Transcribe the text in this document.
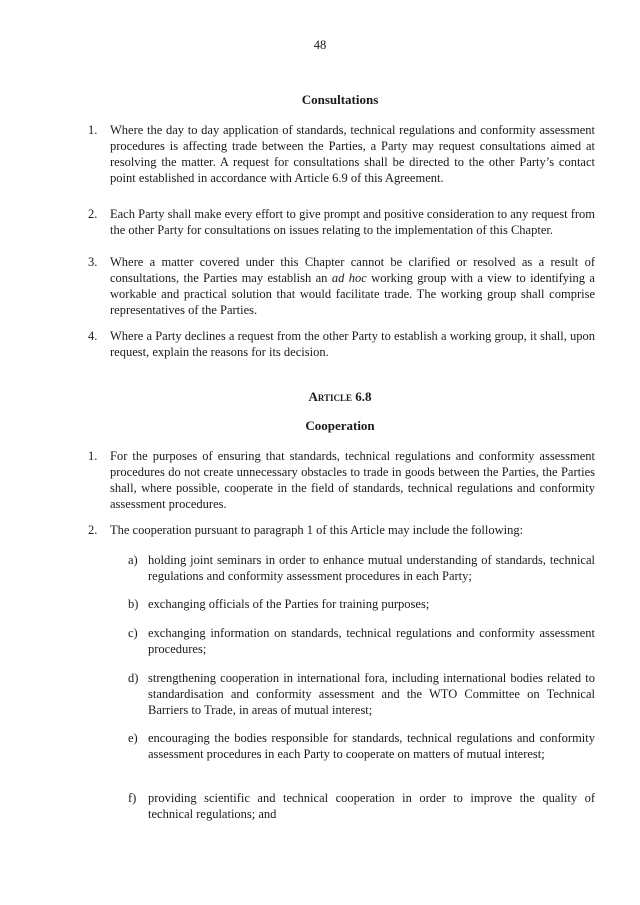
48
Consultations
1. Where the day to day application of standards, technical regulations and conformity assessment procedures is affecting trade between the Parties, a Party may request consultations aimed at resolving the matter. A request for consultations shall be directed to the other Party’s contact point established in accordance with Article 6.9 of this Agreement.
2. Each Party shall make every effort to give prompt and positive consideration to any request from the other Party for consultations on issues relating to the implementation of this Chapter.
3. Where a matter covered under this Chapter cannot be clarified or resolved as a result of consultations, the Parties may establish an ad hoc working group with a view to identifying a workable and practical solution that would facilitate trade. The working group shall comprise representatives of the Parties.
4. Where a Party declines a request from the other Party to establish a working group, it shall, upon request, explain the reasons for its decision.
Article 6.8
Cooperation
1. For the purposes of ensuring that standards, technical regulations and conformity assessment procedures do not create unnecessary obstacles to trade in goods between the Parties, the Parties shall, where possible, cooperate in the field of standards, technical regulations and conformity assessment procedures.
2. The cooperation pursuant to paragraph 1 of this Article may include the following:
a) holding joint seminars in order to enhance mutual understanding of standards, technical regulations and conformity assessment procedures in each Party;
b) exchanging officials of the Parties for training purposes;
c) exchanging information on standards, technical regulations and conformity assessment procedures;
d) strengthening cooperation in international fora, including international bodies related to standardisation and conformity assessment and the WTO Committee on Technical Barriers to Trade, in areas of mutual interest;
e) encouraging the bodies responsible for standards, technical regulations and conformity assessment procedures in each Party to cooperate on matters of mutual interest;
f) providing scientific and technical cooperation in order to improve the quality of technical regulations; and
